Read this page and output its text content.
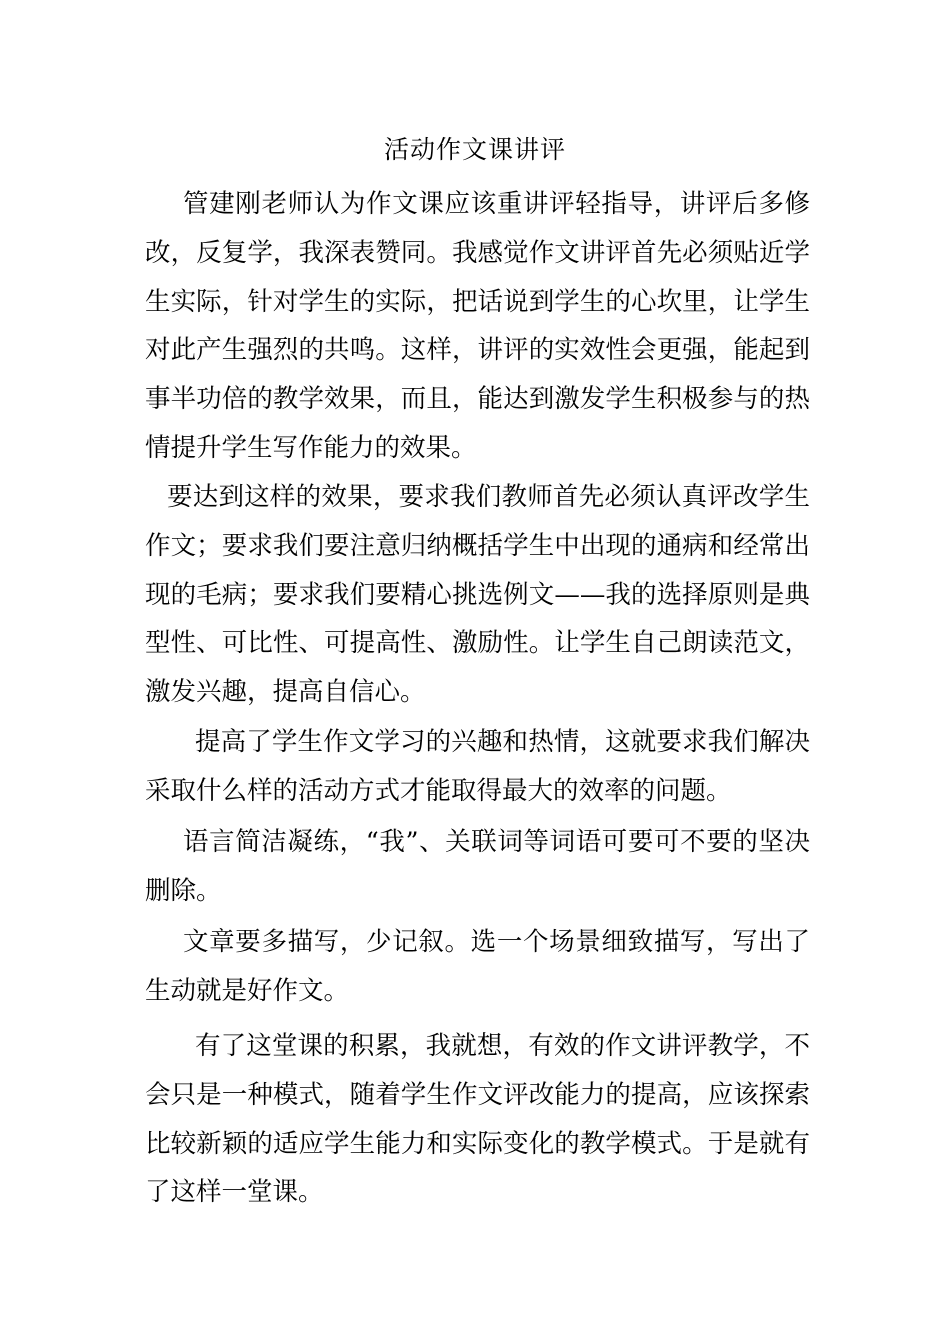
活动作文课讲评

管建刚老师认为作文课应该重讲评轻指导，讲评后多修改，反复学，我深表赞同。我感觉作文讲评首先必须贴近学生实际，针对学生的实际，把话说到学生的心坎里，让学生对此产生强烈的共鸣。这样，讲评的实效性会更强，能起到事半功倍的教学效果，而且，能达到激发学生积极参与的热情提升学生写作能力的效果。

要达到这样的效果，要求我们教师首先必须认真评改学生作文；要求我们要注意归纳概括学生中出现的通病和经常出现的毛病；要求我们要精心挑选例文——我的选择原则是典型性、可比性、可提高性、激励性。让学生自己朗读范文，激发兴趣，提高自信心。

提高了学生作文学习的兴趣和热情，这就要求我们解决采取什么样的活动方式才能取得最大的效率的问题。

语言简洁凝练，“我”、关联词等词语可要可不要的坚决删除。

文章要多描写，少记叙。选一个场景细致描写，写出了生动就是好作文。

有了这堂课的积累，我就想，有效的作文讲评教学，不会只是一种模式，随着学生作文评改能力的提高，应该探索比较新颖的适应学生能力和实际变化的教学模式。于是就有了这样一堂课。
